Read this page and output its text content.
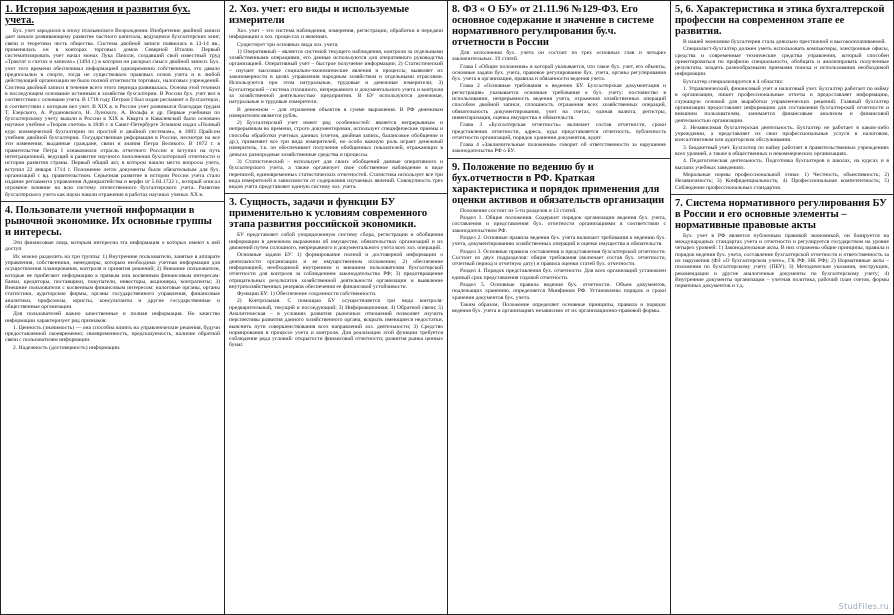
1. История зарождения и развития бух. учета.

Бух. учет зародился в эпоху итальянского Возрождения. Изобретение двойной записи дает начало развивающему развитие частного капитала, ведущемся бухгалтерских книг, связи и теоретики честь общества. Система двойной записи появилась в 13-14 вв., применялась он в конторах торговых домов Северной Италии. Первый систематизировать учет начал монах Лука Пачоли, создавший свой известный труд «Трактат о счетах и записях» (1494 г.) в котором он раскрыл смысл двойной записи. Бух. учет того времени обеспечивал информацией одновременно собственника, это давало предпосылки в спорте, тогда не существовало правовых основ учета и в любой действующей организации не было полной отчетности торговых, налоговых учреждений. Система двойной записи в течение всего этого периода развивалась. Основа этой техники в последующем основание истинным в хозяйстве бухгалтерии. В России бух. учет вел в соответствии с основами учета. В 1718 году Петром I был издан регламент о бухгалтерах, в соответствии с которым вел учет. В XIX в. в России учет развивался благодаря трудам Т. Езерского, А. Рудановского, Н. Лунского, А. Вольфа и др. Первые учебники по бухгалтерскому учету вышли в России в XIX в. Кварта и Кавалевский было основано научное учебное «Теория счетов» в 1846 г. в Санкт-Петербурге Эсманом издал «Полный курс коммерческой бухгалтерии по простой и двойной системам», в 1883 Прайсом учебник двойной бухгалтерии. Государственная реформация в России, несмотря на все эти изменения, выданные граждане, связи и знания Петра Великого. В 1872 г. в правительстве Петра I ознакомился отрасль отчетного России и вступил на путь интеграционной, ведущий в развитие научного пополнения бухгалтерской отчетности и истории развития страны. Первый общий акт, в котором нашли место вопросы учета, вступил 22 января 1714 г. Положение легло документы были обязательным для бух. организаций с вд. правительством. Серьезная развитие в истории России учета стало издание регламента управления Адмиралтейства и верфи от 5.04.1722 г., который описал огромное влияние на всю систему отечественного бухгалтерского учета. Развитие бухгалтерского учета как науки нашли отражение в работах научных ученых XX в.

4. Пользователи учетной информации в рыночной экономике. Их основные группы и интересы.

Эти финансовые лица, которым интересна эта информация о которых имеют к ней доступ.

Их можно разделить на три группы: 1) Внутренние пользователи, занятые в аппарате управления, собственники, менеджеры, которым необходима учетная информация для осуществления планирования, контроля и принятия решений; 2) Внешние пользователи, которые не прибегают информацию к прямым или косвенным финансовым интересам: банки, кредиторы, поставщики, покупатели, инвесторы, акционеры, контрагенты; 3) Внешние пользователи с косвенным финансовым интересом: налоговые органы, органы статистики, аудиторские фирмы, органы государственного управления, финансовые аналитики, профсоюзы, юристы, консультанты и другие государственные и общественные организации.

Для пользователей важно качественные и полная информация. Но качество информации характеризует ряд признаков:

1. Ценность (значимость) — она способна влиять на управленческие решения, будучи предоставленной своевременно; своевременность, предсказуемость, наличие обратной связи с пользователем информации.

2. Надежность (достоверность) информации.

2. Хоз. учет: его виды и используемые измерители

Хоз. учет – это система наблюдения, измерения, регистрации, обработки и передачи информации о хоз. процессах и явлениях.

Существует три основных вида хоз. учета:

1) Оперативный – является системой текущего наблюдения, контроля за отдельными хозяйственными операциями, его данные используются для оперативного руководства организацией. Оперативный учет – быстрое получение информации; 2) Статистический – изучает массовые социально-экономические явления и процессы, выявляет их закономерности в целях управления народным хозяйством и отдельными отраслями. Используются при этом натуральные, трудовые и денежные измерители; 3) Бухгалтерский – система сплошного, непрерывного и документального учета и контроля за хозяйственной деятельностью предприятия. В БУ используются денежные, натуральные и трудовые измерители.

В денежном – для отражения объектов в сумме выражения. В РФ денежным измерителем является рубль.

2) Бухгалтерский учет имеет ряд особенностей: является непрерывным и непрерывным во времени, строго документирован, использует специфические приемы и способы обработки учетных данных (счетов, двойная запись, балансовое обобщение и др.), применяет все три вида измерителей, но особо важную роль играет денежный измеритель, т.к. он обеспечивает получение обобщенных показателей, отражающих в деньгах разнородные хозяйственные средства и процессы.

3) Статистический – использует для своих обобщений данные оперативного и бухгалтерского учета, а также организует свое собственное наблюдение в виде переписей, единовременных статистических отчетностей. Статистика использует все три вида измерителей и зависимости от содержания изучаемых явлений. Совокупность трех видов учета представляет единую систему хоз. учета.

3. Сущность, задачи и функции БУ применительно к условиям современного этапа развития российской экономики.

БУ представляет собой упорядоченную систему сбора, регистрации и обобщения информации в денежном выражении об имуществе, обязательствах организаций и их движений путем сплошного, непрерывного и документального учета всех хоз. операций.

Основные задачи БУ: 1) формирование полной и достоверной информации о деятельности организации и ее имущественном положении; 2) обеспечение информацией, необходимой внутренним и внешним пользователям бухгалтерской отчетности для контроля за соблюдением законодательства РФ; 3) предотвращение отрицательных результатов хозяйственной деятельности организации и выявление внутрихозяйственных резервов обеспечения ее финансовой устойчивости.

Функции БУ: 1) Обеспечение сохранности собственности.

2) Контрольная. С помощью БУ осуществляется три вида контроля: предварительный, текущий и последующий; 3) Информационная; 4) Обратной связи; 5) Аналитическая – в условиях развития рыночных отношений позволяет изучить перспективы развития данного хозяйственного органа, вскрыть имеющиеся недостатки, выяснить пути совершенствования всех направлений хоз. деятельности; 3) Средство нормирования в процессе учета и контроля. Для реализации этой функции требуется соблюдение ряда условий: открытости финансовой отчетности; развития рынка ценных бумаг.

8. ФЗ « О БУ» от 21.11.96 №129-ФЗ. Его основное содержание и значение в системе нормативного регулирования бу.ч. отчетности в России

Для исполнения бух. учета он состоит из трех основных глав и четырех заключительных. 19 статей.

Глава I «Общие положения» в которой указывается, что такое бух. учет, его объекты, основные задачи бух. учета, правовое регулирование бух. учета, органы регулирования бух. учета в организации, правила и обязанности ведения учета.

Глава 2 «Основные требования к ведению БУ. Бухгалтерская документация и регистрация» указывается основные требования к бух. учету: постоянство в использовании, непрерывность ведения учета, отражения хозяйственных операций способом двойной записи, сплошность отражения всех хозяйственных операций, обязательность документирования, учет на счетах, единая валюта, регистры, инвентаризация, оценка имущества и обязательств.

Глава 3 «Бухгалтерская отчетность» включает состав отчетности, сроки представления отчетности, адреса, куда представляется отчетность, публичность отчетности организаций, порядок хранения документов, аудит.

Глава 4 «Заключительные положения» говорит об ответственности за нарушение законодательства РФ о БУ.

9. Положение по ведению бу и бух.отчетности в РФ. Краткая характеристика и порядок применения для оценки активов и обязательств организации

Положение состоит из 5-ти разделов и 13 статей.

Раздел 1. Общие положения. Содержит порядок организации ведения бух. учета, составления и представления бух. отчетности организациями в соответствии с законодательством РФ.

Раздел 2. Основные правила ведения бух. учета включает требования к ведению бух. учета, документированию хозяйственных операций и оценке имущества и обязательств.

Раздел 3. Основные правила составления и представления бухгалтерской отчетности. Состоит из двух подразделов: общие требования (включает состав бух. отчетности, отчетный период и отчетную дату) и правила оценки статей бух. отчетности.

Раздел 4. Порядок представления бух. отчетности. Для всех организаций установлен единый срок представления годовой отчетности.

Раздел 5. Основные правила ведения бух. отчетности. Объем документов, подлежащих хранению, определяется Минфином РФ. Установлены порядок и сроки хранения документов бух. учета.

Таким образом, Положение определяет основные принципы, правила и порядок ведения бух. учета в организациях независимо от их организационно-правовой формы.

5, 6. Характеристика и этика бухгалтерской профессии на современном этапе ее развития.

В нашей экономике бухгалтерия стала довольно престижной и высокооплачиваемой.

Специалист-бухгалтер должен уметь использовать компьютеры, электронные офисы, средства и современные технические средства управления, который способен ориентироваться по профилю специальности, обобщать и анализировать полученные результаты, владеть разнообразными приемами поиска и использования необходимой информации.

Бухгалтер специализируется в 4 областях:

1. Управленческий, финансовый учет и налоговый учет. Бухгалтер работает по найму в организации, пишет профессиональные отчеты и предоставляет информацию, служащую основой для выработки управленческих решений. Главный бухгалтер организации предоставляет информацию для составления бухгалтерской отчетности и внешним пользователям, занимается финансовым анализом и финансовой деятельностью организации.

2. Независимая бухгалтерская деятельность. Бухгалтер не работает в каком-либо учреждении, а представляет их свои профессиональные услуги в налоговом, консалтинговом или аудиторском обслуживании.

3. Бюджетный учет. Бухгалтер по найму работает в правительственных учреждениях всех уровней, а также в общественных и некоммерческих организациях.

4. Педагогическая деятельность. Подготовка бухгалтеров в школах, на курсах и в высших учебных заведениях.

Моральные нормы профессиональной этики: 1) Честность, объективность; 2) Независимость; 3) Конфиденциальность; 4) Профессиональная компетентность; 5) Соблюдение профессиональных стандартов.

7. Система нормативного регулирования БУ в России и его основные элементы – нормативные правовые акты

Бух. учет в РФ является публичным правовой экономикой, он базируется на международных стандартах учета и отчетности и регулируется государством на уровне четырех уровней: 1) Законодательные акты. В них отражены общие принципы, правила и порядок ведения бух. учета, составление бухгалтерской отчетности и ответственность за их нарушения (ФЗ «О бухгалтерском учете», ГК РФ, НК РФ); 2) Нормативные акты – положения по бухгалтерскому учету (ПБУ); 3) Методические указания, инструкции, рекомендации и другие аналогичные документы по бухгалтерскому учету; 4) Внутренние документы организации – учетная политика, рабочий план счетов, формы первичных документов и т.д.

StudFiles.ru
